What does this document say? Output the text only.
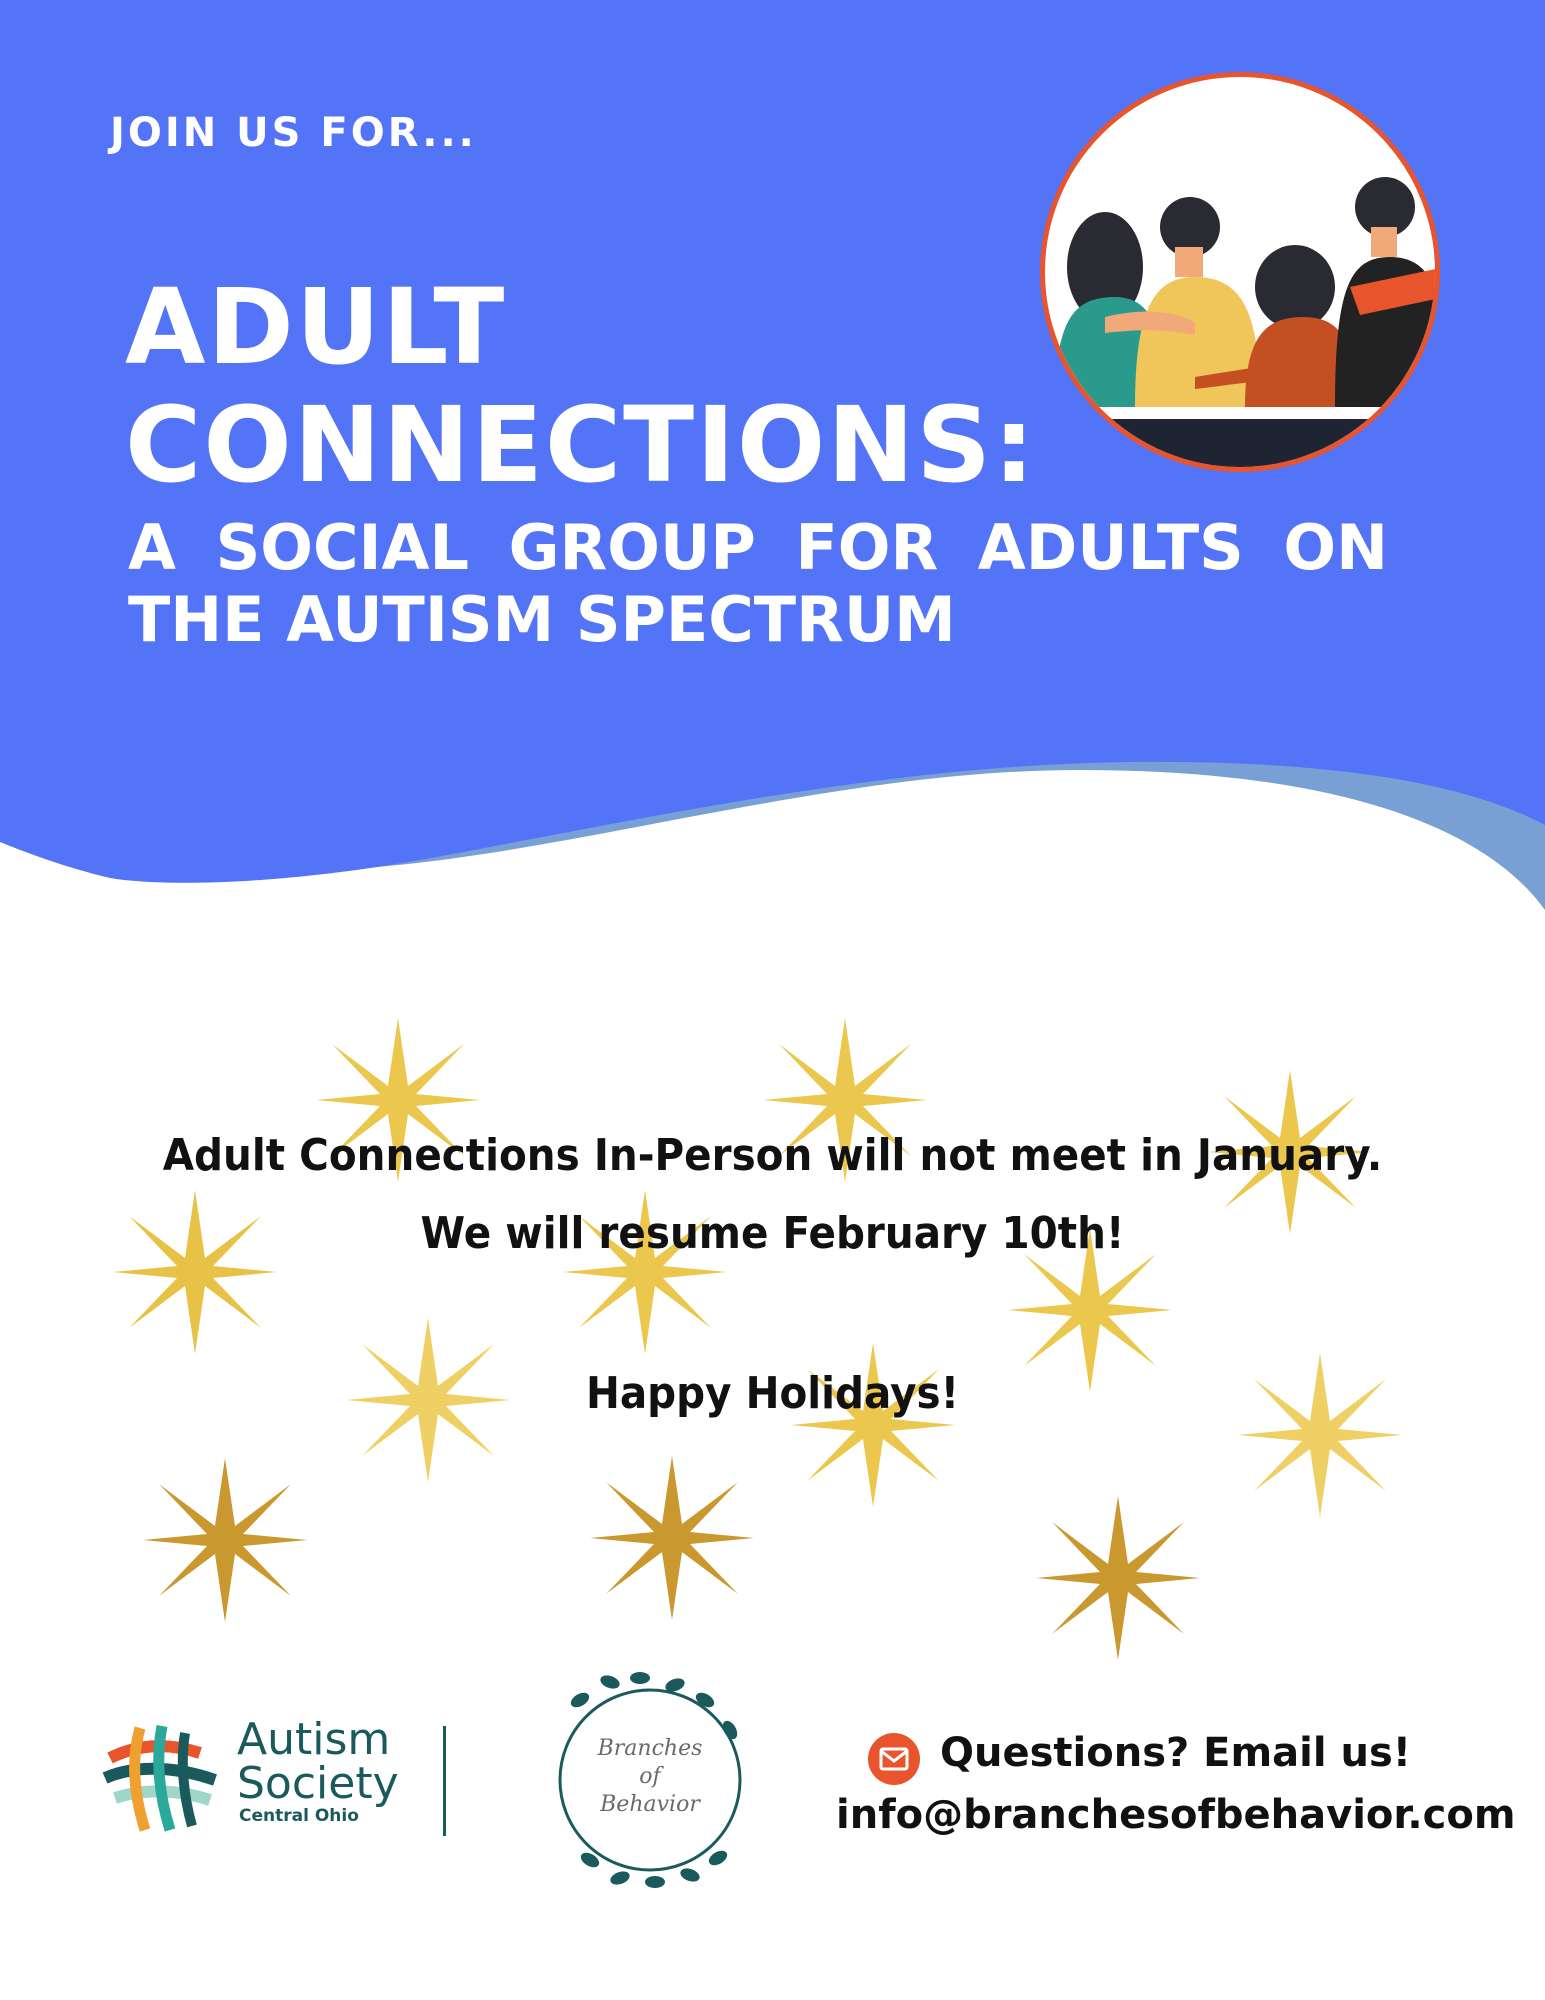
JOIN US FOR...
ADULT
CONNECTIONS:
A SOCIAL GROUP FOR ADULTS ON THE AUTISM SPECTRUM
Adult Connections In-Person will not meet in January.
We will resume February 10th!
Happy Holidays!
Autism
Society
Central Ohio
Branches
of
Behavior
Questions? Email us!
info@branchesofbehavior.com
